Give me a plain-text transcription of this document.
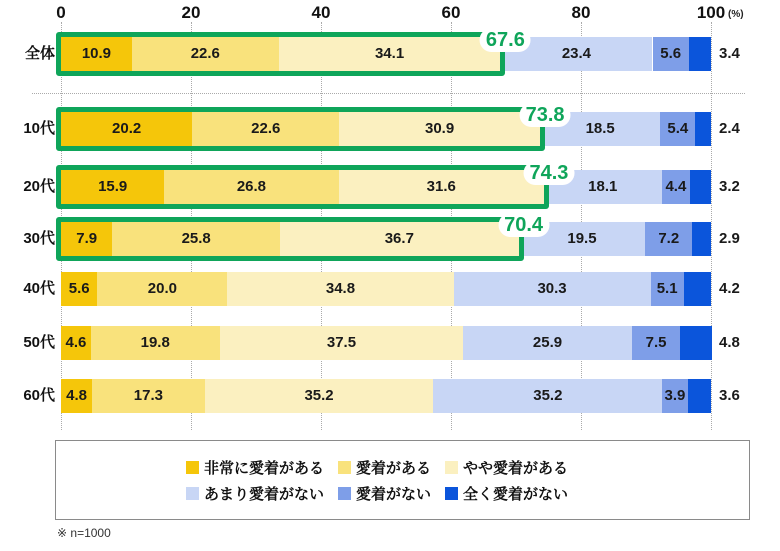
(%)
非常に愛着がある 愛着がある やや愛着がある
あまり愛着がない 愛着がない 全く愛着がない
※ n=1000
0	20	40	60	80	100
全体	10.9	22.6	34.1	23.4	5.6	3.4
67.6
10代	20.2	22.6	30.9	18.5	5.4	2.4
73.8
20代	15.9	26.8	31.6	18.1	4.4 3.2
74.3
30代	7.9	25.8	36.7	19.5	7.2	2.9
70.4
40代 5.6	20.0	34.8	30.3	5.1	4.2
50代 4.6	19.8	37.5	25.9	7.5	4.8
60代 4.8	17.3	35.2	35.2	3.9 3.6
